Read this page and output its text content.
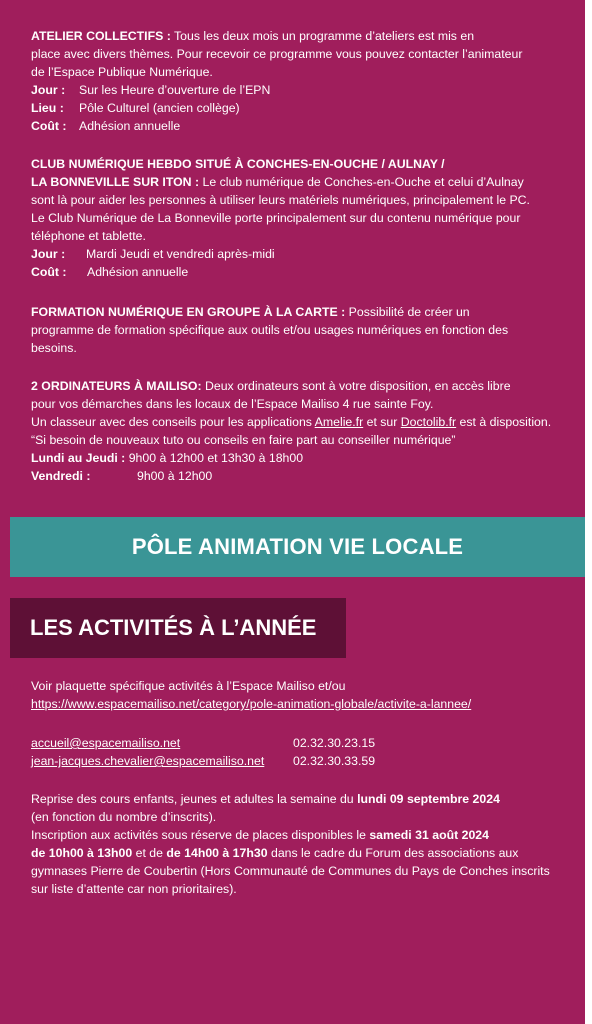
ATELIER COLLECTIFS : Tous les deux mois un programme d’ateliers est mis en

place avec divers thèmes. Pour recevoir ce programme vous pouvez contacter l’animateur

de l’Espace Publique Numérique.

Jour : Sur les Heure d’ouverture de l’EPN

Lieu : Pôle Culturel (ancien collège)

Coût : Adhésion annuelle

CLUB NUMÉRIQUE HEBDO SITUÉ À CONCHES-EN-OUCHE / AULNAY /

LA BONNEVILLE SUR ITON : Le club numérique de Conches-en-Ouche et celui d’Aulnay

sont là pour aider les personnes à utiliser leurs matériels numériques, principalement le PC.

Le Club Numérique de La Bonneville porte principalement sur du contenu numérique pour

téléphone et tablette.

Jour : Mardi Jeudi et vendredi après-midi

Coût : Adhésion annuelle

FORMATION NUMÉRIQUE EN GROUPE À LA CARTE : Possibilité de créer un

programme de formation spécifique aux outils et/ou usages numériques en fonction des

besoins.

2 ORDINATEURS À MAILISO: Deux ordinateurs sont à votre disposition, en accès libre

pour vos démarches dans les locaux de l’Espace Mailiso 4 rue sainte Foy.

Un classeur avec des conseils pour les applications Amelie.fr et sur Doctolib.fr est à disposition.

“Si besoin de nouveaux tuto ou conseils en faire part au conseiller numérique”

Lundi au Jeudi : 9h00 à 12h00 et 13h30 à 18h00

Vendredi :	9h00 à 12h00

PÔLE ANIMATION VIE LOCALE
LES ACTIVITÉS À L’ANNÉE

Voir plaquette spécifique activités à l’Espace Mailiso et/ou

https://www.espacemailiso.net/category/pole-animation-globale/activite-a-lannee/

accueil@espacemailiso.net	02.32.30.23.15
jean-jacques.chevalier@espacemailiso.net	02.32.30.33.59

Reprise des cours enfants, jeunes et adultes la semaine du lundi 09 septembre 2024

(en fonction du nombre d’inscrits).

Inscription aux activités sous réserve de places disponibles le samedi 31 août 2024

de 10h00 à 13h00 et de de 14h00 à 17h30 dans le cadre du Forum des associations aux

gymnases Pierre de Coubertin (Hors Communauté de Communes du Pays de Conches inscrits

sur liste d’attente car non prioritaires).
